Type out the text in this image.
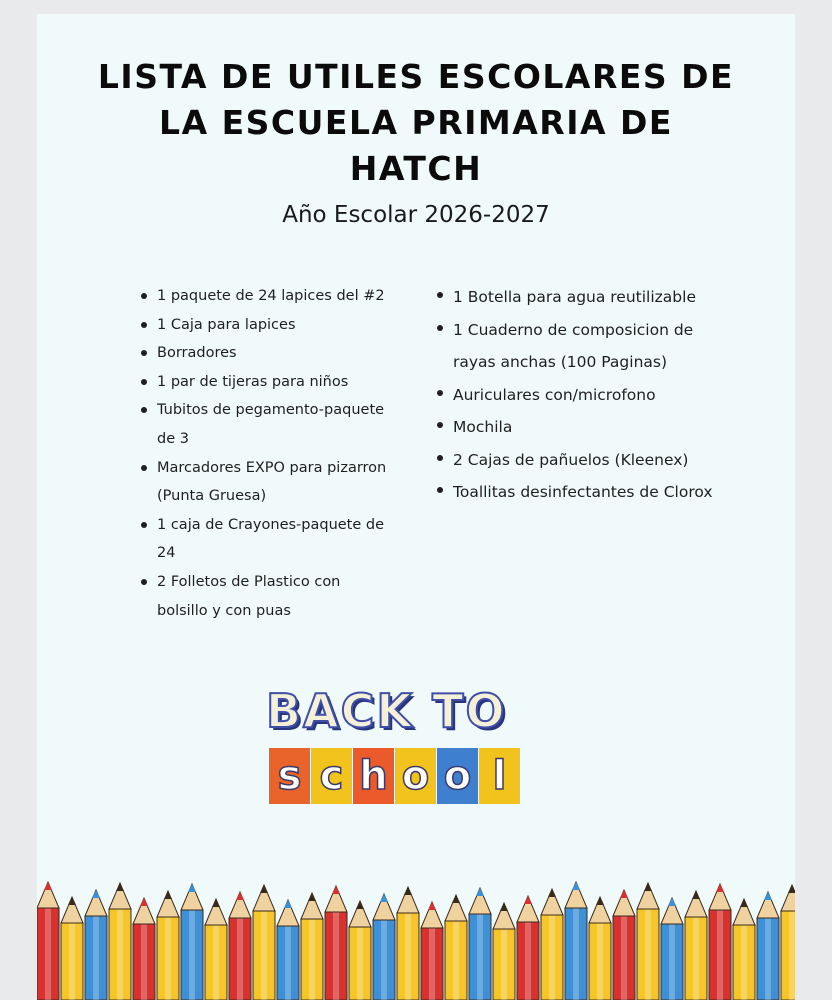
LISTA DE UTILES ESCOLARES DE LA ESCUELA PRIMARIA DE HATCH
Año Escolar 2026-2027
1 paquete de 24 lapices del #2
1 Caja para lapices
Borradores
1 par de tijeras para niños
Tubitos de pegamento-paquete de 3
Marcadores EXPO para pizarron (Punta Gruesa)
1 caja de Crayones-paquete de 24
2 Folletos de Plastico con bolsillo y con puas
1 Botella para agua reutilizable
1 Cuaderno de composicion de rayas anchas (100 Paginas)
Auriculares con/microfono
Mochila
2 Cajas de pañuelos (Kleenex)
Toallitas desinfectantes de Clorox
BACK TO
s c h o o l
